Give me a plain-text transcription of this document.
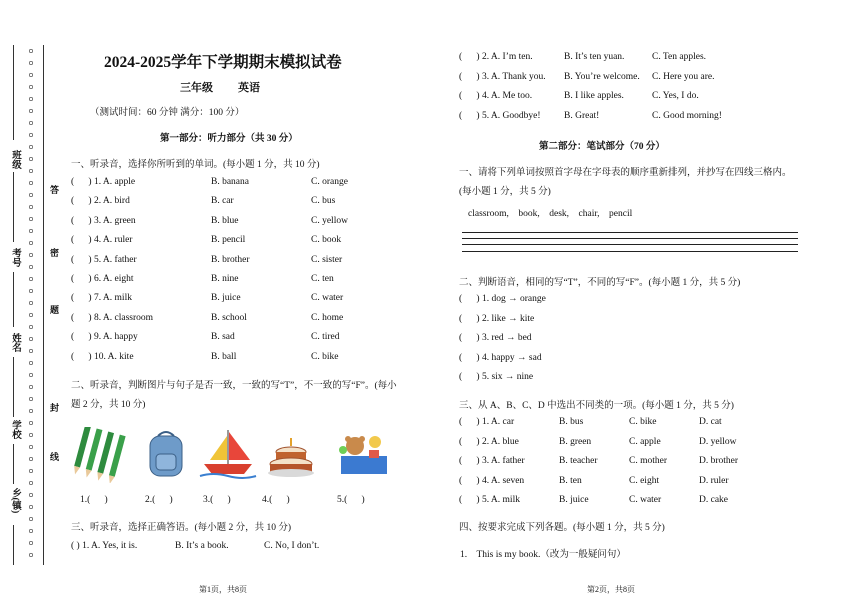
班级
考号
姓名
学校
乡(镇)
答
密
题
封
线
2024-2025学年下学期期末模拟试卷
三年级 英语
（测试时间：60 分钟 满分：100 分）
第一部分：听力部分（共 30 分）
一、听录音，选择你所听到的单词。(每小题 1 分，共 10 分)
(      ) 1. A. apple	B. banana	C. orange
(      ) 2. A. bird	B. car	C. bus
(      ) 3. A. green	B. blue	C. yellow
(      ) 4. A. ruler	B. pencil	C. book
(      ) 5. A. father	B. brother	C. sister
(      ) 6. A. eight	B. nine	C. ten
(      ) 7. A. milk	B. juice	C. water
(      ) 8. A. classroom	B. school	C. home
(      ) 9. A. happy	B. sad	C. tired
(      ) 10. A. kite	B. ball	C. bike
二、听录音，判断图片与句子是否一致，一致的写“T”，不一致的写“F”。(每小
题 2 分，共 10 分)
1.(      )	2.(      )	3.(      )	4.(      )	5.(      )
三、听录音，选择正确答语。(每小题 2 分，共 10 分)
( ) 1. A. Yes, it is.	B. It’s a book.	C. No, I don’t.
第1页，共8页
(      ) 2. A. I’m ten.	B. It’s ten yuan.	C. Ten apples.
(      ) 3. A. Thank you. B. You’re welcome. C. Here you are.
(      ) 4. A. Me too.	B. I like apples.	C. Yes, I do.
(      ) 5. A. Goodbye! B. Great!	C. Good morning!
第二部分：笔试部分（70 分）
一、请将下列单词按照首字母在字母表的顺序重新排列，并抄写在四线三格内。
(每小题 1 分，共 5 分)
classroom,    book,    desk,    chair,    pencil
二、判断语音，相同的写“T”，不同的写“F”。(每小题 1 分，共 5 分)
(      ) 1. dog → orange
(      ) 2. like → kite
(      ) 3. red → bed
(      ) 4. happy → sad
(      ) 5. six → nine
三、从 A、B、C、D 中选出不同类的一项。(每小题 1 分，共 5 分)
(      ) 1. A. car	B. bus	C. bike	D. cat
(      ) 2. A. blue	B. green	C. apple	D. yellow
(      ) 3. A. father	B. teacher	C. mother	D. brother
(      ) 4. A. seven	B. ten	C. eight	D. ruler
(      ) 5. A. milk	B. juice	C. water	D. cake
四、按要求完成下列各题。(每小题 1 分，共 5 分)
1.    This is my book.（改为一般疑问句）
第2页，共8页
